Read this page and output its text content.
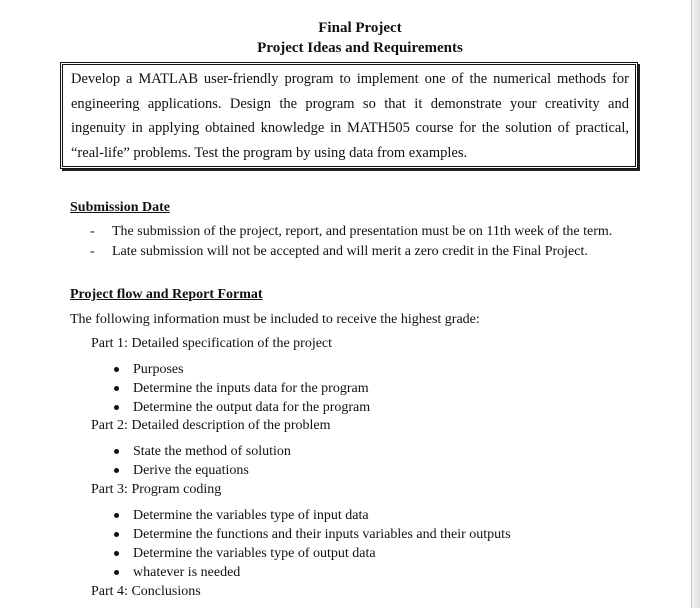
Final Project
Project Ideas and Requirements
Develop a MATLAB user-friendly program to implement one of the numerical methods for engineering applications. Design the program so that it demonstrate your creativity and ingenuity in applying obtained knowledge in MATH505 course for the solution of practical, “real-life” problems. Test the program by using data from examples.
Submission Date
- The submission of the project, report, and presentation must be on 11th week of the term.
- Late submission will not be accepted and will merit a zero credit in the Final Project.
Project flow and Report Format
The following information must be included to receive the highest grade:
Part 1: Detailed specification of the project
Purposes
Determine the inputs data for the program
Determine the output data for the program
Part 2: Detailed description of the problem
State the method of solution
Derive the equations
Part 3: Program coding
Determine the variables type of input data
Determine the functions and their inputs variables and their outputs
Determine the variables type of output data
whatever is needed
Part 4: Conclusions
